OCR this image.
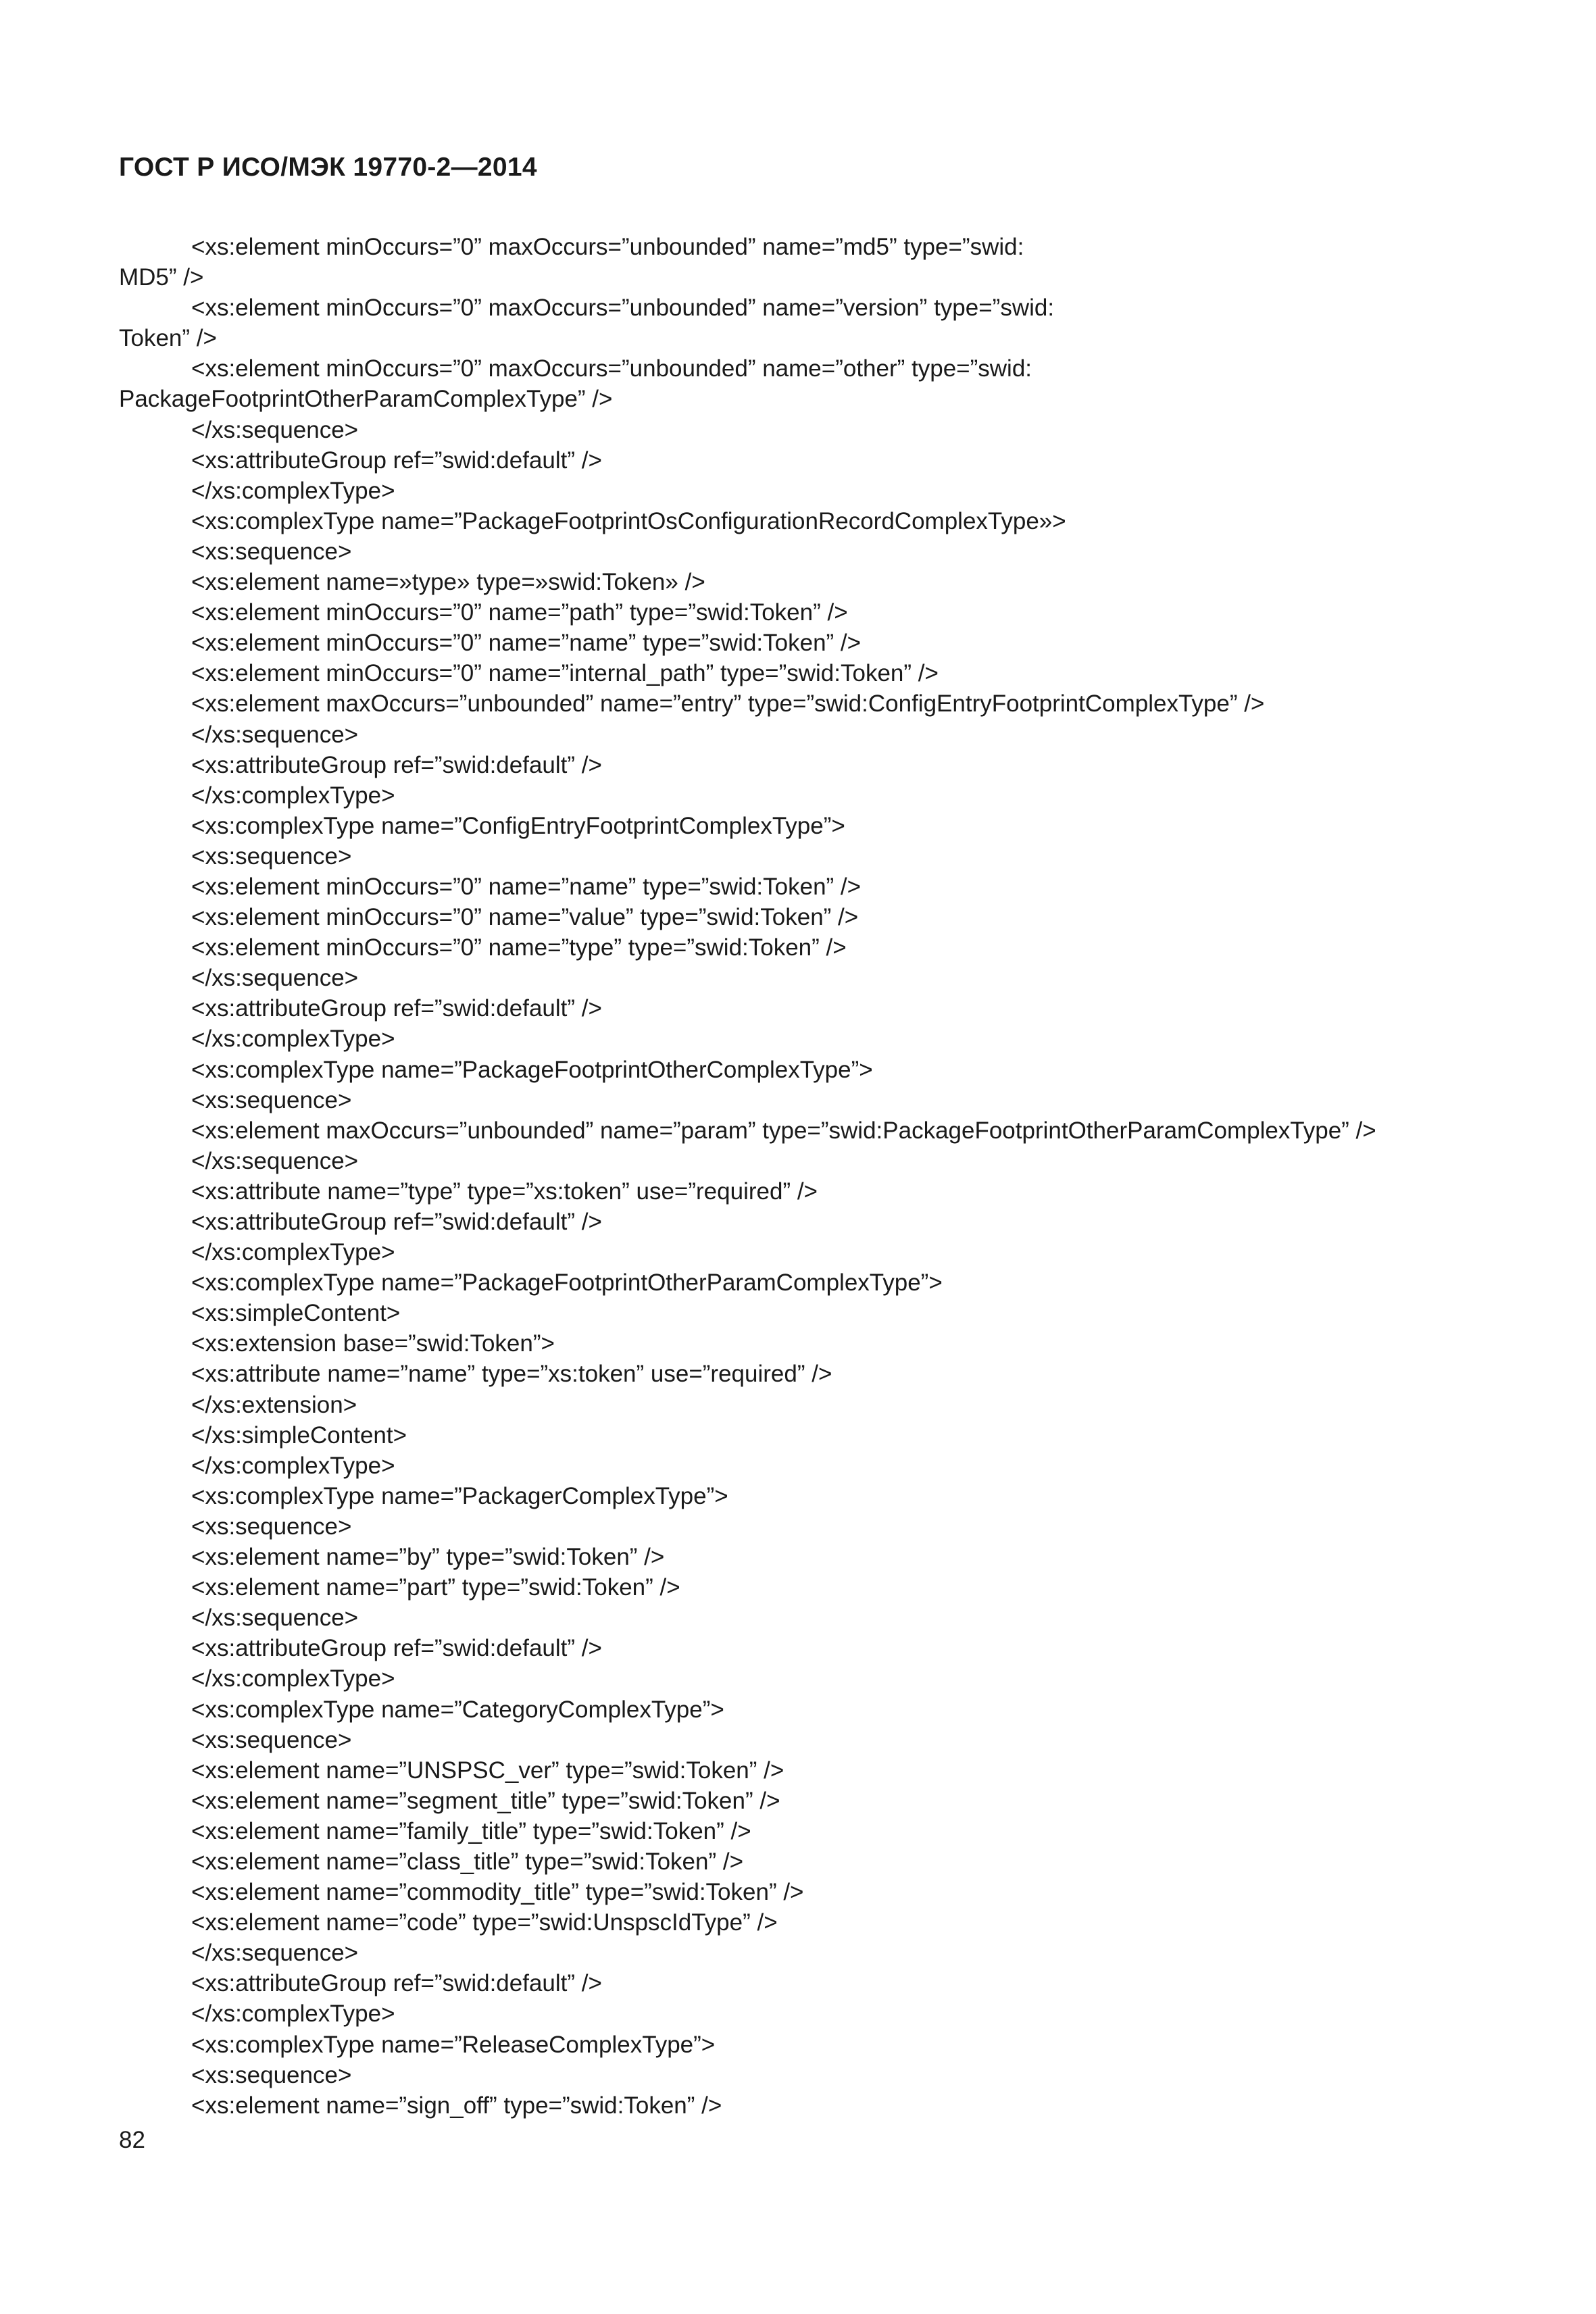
ГОСТ Р ИСО/МЭК 19770-2—2014
<xs:element minOccurs=”0” maxOccurs=”unbounded” name=”md5” type=”swid:
MD5” />
<xs:element minOccurs=”0” maxOccurs=”unbounded” name=”version” type=”swid:
Token” />
<xs:element minOccurs=”0” maxOccurs=”unbounded” name=”other” type=”swid:
PackageFootprintOtherParamComplexType” />
</xs:sequence>
<xs:attributeGroup ref=”swid:default” />
</xs:complexType>
<xs:complexType name=”PackageFootprintOsConfigurationRecordComplexType»>
<xs:sequence>
<xs:element name=»type» type=»swid:Token» />
<xs:element minOccurs=”0” name=”path” type=”swid:Token” />
<xs:element minOccurs=”0” name=”name” type=”swid:Token” />
<xs:element minOccurs=”0” name=”internal_path” type=”swid:Token” />
<xs:element maxOccurs=”unbounded” name=”entry” type=”swid:ConfigEntryFootprintComplexType” />
</xs:sequence>
<xs:attributeGroup ref=”swid:default” />
</xs:complexType>
<xs:complexType name=”ConfigEntryFootprintComplexType”>
<xs:sequence>
<xs:element minOccurs=”0” name=”name” type=”swid:Token” />
<xs:element minOccurs=”0” name=”value” type=”swid:Token” />
<xs:element minOccurs=”0” name=”type” type=”swid:Token” />
</xs:sequence>
<xs:attributeGroup ref=”swid:default” />
</xs:complexType>
<xs:complexType name=”PackageFootprintOtherComplexType”>
<xs:sequence>
<xs:element maxOccurs=”unbounded” name=”param” type=”swid:PackageFootprintOtherParamComplexType” />
</xs:sequence>
<xs:attribute name=”type” type=”xs:token” use=”required” />
<xs:attributeGroup ref=”swid:default” />
</xs:complexType>
<xs:complexType name=”PackageFootprintOtherParamComplexType”>
<xs:simpleContent>
<xs:extension base=”swid:Token”>
<xs:attribute name=”name” type=”xs:token” use=”required” />
</xs:extension>
</xs:simpleContent>
</xs:complexType>
<xs:complexType name=”PackagerComplexType”>
<xs:sequence>
<xs:element name=”by” type=”swid:Token” />
<xs:element name=”part” type=”swid:Token” />
</xs:sequence>
<xs:attributeGroup ref=”swid:default” />
</xs:complexType>
<xs:complexType name=”CategoryComplexType”>
<xs:sequence>
<xs:element name=”UNSPSC_ver” type=”swid:Token” />
<xs:element name=”segment_title” type=”swid:Token” />
<xs:element name=”family_title” type=”swid:Token” />
<xs:element name=”class_title” type=”swid:Token” />
<xs:element name=”commodity_title” type=”swid:Token” />
<xs:element name=”code” type=”swid:UnspscIdType” />
</xs:sequence>
<xs:attributeGroup ref=”swid:default” />
</xs:complexType>
<xs:complexType name=”ReleaseComplexType”>
<xs:sequence>
<xs:element name=”sign_off” type=”swid:Token” />
82
